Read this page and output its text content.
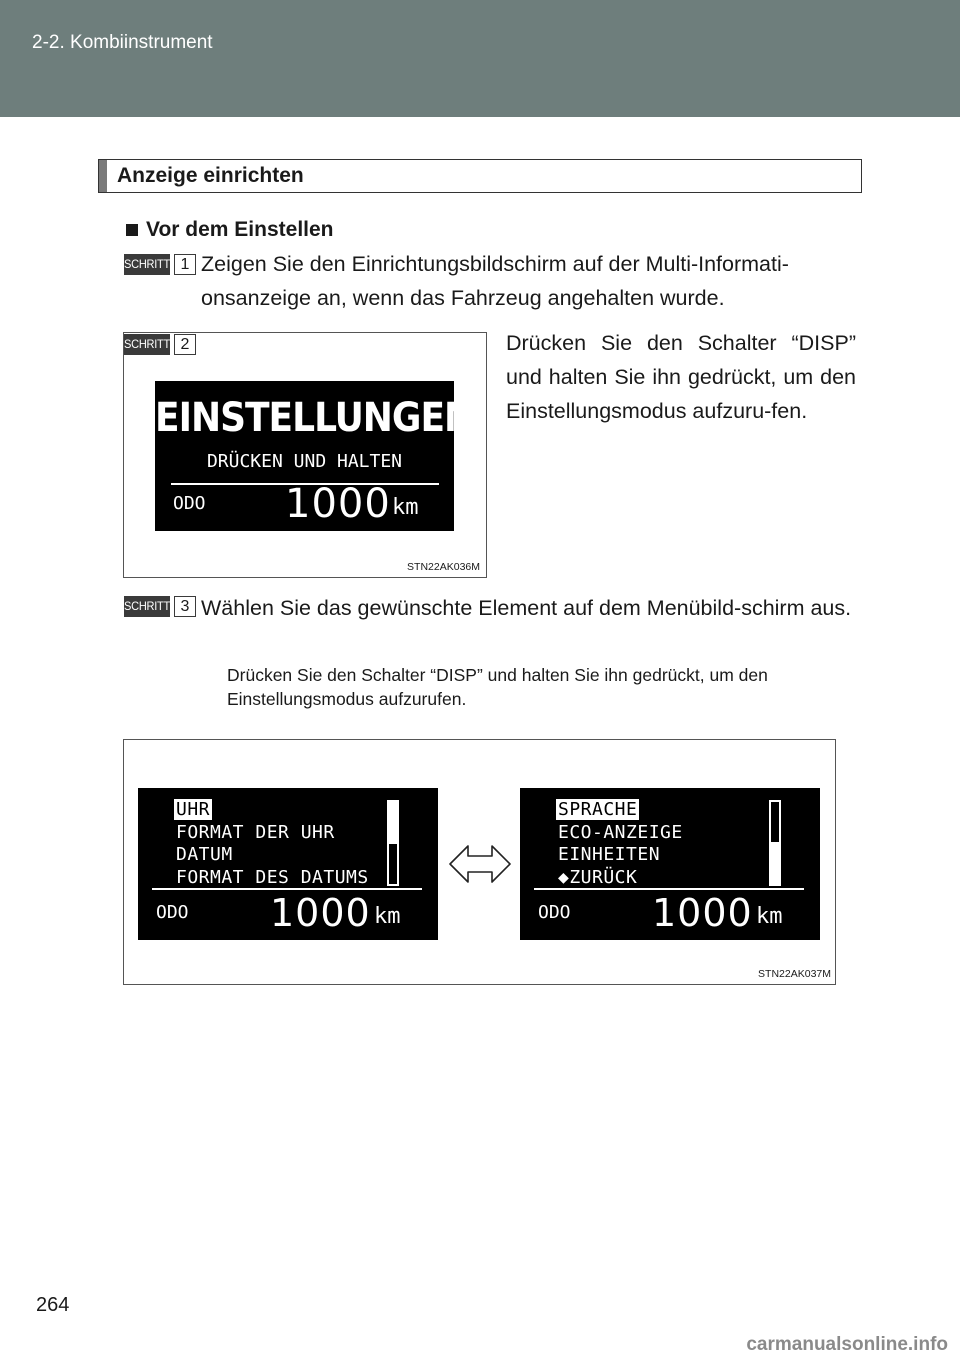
2-2. Kombiinstrument
Anzeige einrichten
Vor dem Einstellen
SCHRITT 1 Zeigen Sie den Einrichtungsbildschirm auf der Multi-Informati-onsanzeige an, wenn das Fahrzeug angehalten wurde.
SCHRITT 2
EINSTELLUNGEN
DRÜCKEN UND HALTEN
ODO 1000 km
STN22AK036M
Drücken Sie den Schalter “DISP” und halten Sie ihn gedrückt, um den Einstellungsmodus aufzuru-fen.
SCHRITT 3 Wählen Sie das gewünschte Element auf dem Menübild-schirm aus.
Drücken Sie den Schalter “DISP” und halten Sie ihn gedrückt, um den Einstellungsmodus aufzurufen.
UHR
FORMAT DER UHR
DATUM
FORMAT DES DATUMS
ODO 1000 km
SPRACHE
ECO-ANZEIGE
EINHEITEN
◆ZURÜCK
ODO 1000 km
STN22AK037M
264
carmanualsonline.info
